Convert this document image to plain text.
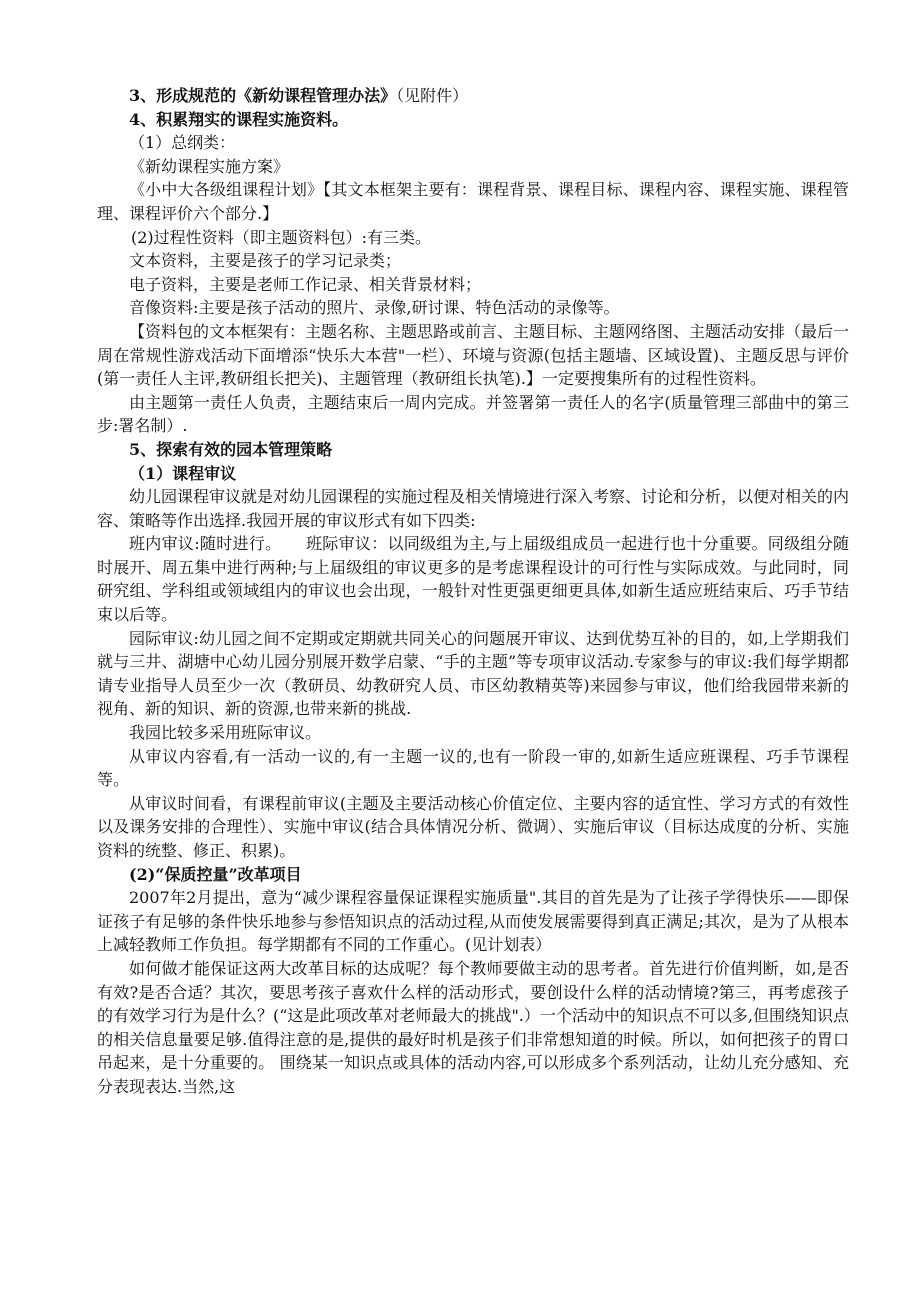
3、形成规范的《新幼课程管理办法》（见附件）

4、积累翔实的课程实施资料。

（1）总纲类：

《新幼课程实施方案》

《小中大各级组课程计划》【其文本框架主要有：课程背景、课程目标、课程内容、课程实施、课程管理、课程评价六个部分.】

(2)过程性资料（即主题资料包）:有三类。

文本资料，主要是孩子的学习记录类；

电子资料，主要是老师工作记录、相关背景材料；

音像资料:主要是孩子活动的照片、录像,研讨课、特色活动的录像等。

【资料包的文本框架有：主题名称、主题思路或前言、主题目标、主题网络图、主题活动安排（最后一周在常规性游戏活动下面增添“快乐大本营"一栏）、环境与资源(包括主题墙、区域设置)、主题反思与评价(第一责任人主评,教研组长把关)、主题管理（教研组长执笔).】一定要搜集所有的过程性资料。

由主题第一责任人负责，主题结束后一周内完成。并签署第一责任人的名字(质量管理三部曲中的第三步:署名制）.

5、探索有效的园本管理策略

（1）课程审议

幼儿园课程审议就是对幼儿园课程的实施过程及相关情境进行深入考察、讨论和分析，以便对相关的内容、策略等作出选择.我园开展的审议形式有如下四类:

班内审议:随时进行。　　班际审议：以同级组为主,与上届级组成员一起进行也十分重要。同级组分随时展开、周五集中进行两种;与上届级组的审议更多的是考虑课程设计的可行性与实际成效。与此同时，同研究组、学科组或领域组内的审议也会出现，一般针对性更强更细更具体,如新生适应班结束后、巧手节结束以后等。

园际审议:幼儿园之间不定期或定期就共同关心的问题展开审议、达到优势互补的目的，如,上学期我们就与三井、湖塘中心幼儿园分别展开数学启蒙、“手的主题”等专项审议活动.专家参与的审议:我们每学期都请专业指导人员至少一次（教研员、幼教研究人员、市区幼教精英等)来园参与审议，他们给我园带来新的视角、新的知识、新的资源,也带来新的挑战.

我园比较多采用班际审议。

从审议内容看,有一活动一议的,有一主题一议的,也有一阶段一审的,如新生适应班课程、巧手节课程等。

从审议时间看，有课程前审议(主题及主要活动核心价值定位、主要内容的适宜性、学习方式的有效性以及课务安排的合理性）、实施中审议(结合具体情况分析、微调）、实施后审议（目标达成度的分析、实施资料的统整、修正、积累)。

(2)“保质控量”改革项目

2007年2月提出，意为“减少课程容量保证课程实施质量".其目的首先是为了让孩子学得快乐——即保证孩子有足够的条件快乐地参与参悟知识点的活动过程,从而使发展需要得到真正满足;其次，是为了从根本上减轻教师工作负担。每学期都有不同的工作重心。(见计划表）

如何做才能保证这两大改革目标的达成呢？每个教师要做主动的思考者。首先进行价值判断，如,是否有效?是否合适？其次，要思考孩子喜欢什么样的活动形式，要创设什么样的活动情境?第三，再考虑孩子的有效学习行为是什么？(“这是此项改革对老师最大的挑战".）一个活动中的知识点不可以多,但围绕知识点的相关信息量要足够.值得注意的是,提供的最好时机是孩子们非常想知道的时候。所以，如何把孩子的胃口吊起来，是十分重要的。 围绕某一知识点或具体的活动内容,可以形成多个系列活动，让幼儿充分感知、充分表现表达.当然,这
